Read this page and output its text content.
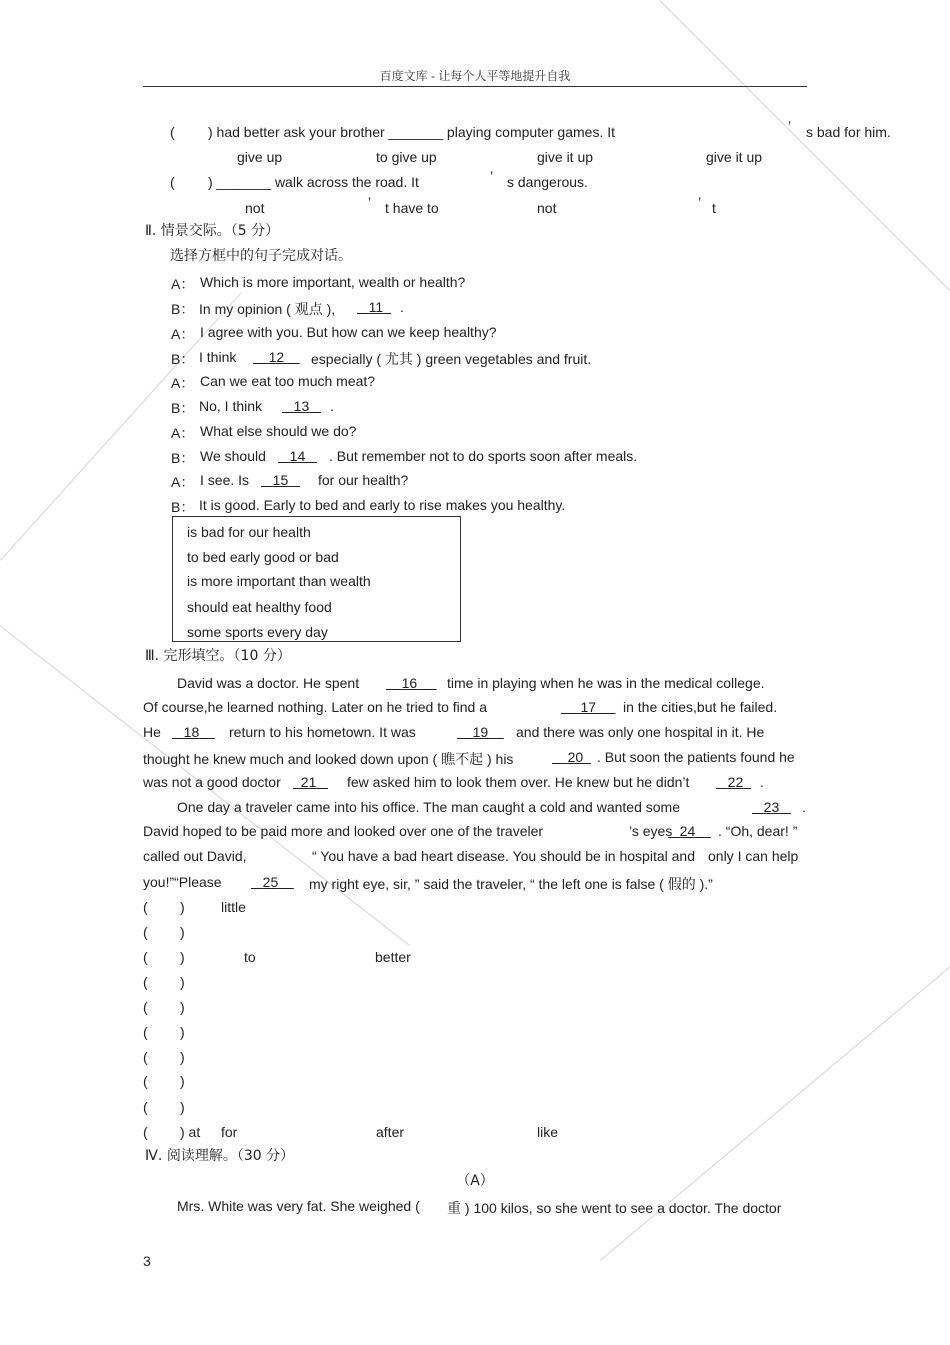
百度文库 - 让每个人平等地提升自我
( ) had better ask your brother _______ playing computer games. It	’ s bad for him.
give up	to give up	give it up	give it up
( ) _______ walk across the road. It	’ s dangerous.
not	’ t have to	not	’ t
Ⅱ. 情景交际。（5 分）
选择方框中的句子完成对话。
A： Which is more important, wealth or health?
B： In my opinion ( 观点 ),	11	.
A： I agree with you. But how can we keep healthy?
B： I think	12	especially ( 尤其 ) green vegetables and fruit.
A： Can we eat too much meat?
B： No, I think	13	.
A： What else should we do?
B： We should	14	. But remember not to do sports soon after meals.
A： I see. Is	15	for our health?
B： It is good. Early to bed and early to rise makes you healthy.
is bad for our health
to bed early good or bad
is more important than wealth
should eat healthy food
some sports every day
Ⅲ. 完形填空。（10 分）
David was a doctor. He spent	16	time in playing when he was in the medical college.
Of course,he learned nothing. Later on he tried to find a	17	in the cities,but he failed.
He	18	return to his hometown. It was	19	and there was only one hospital in it. He
thought he knew much and looked down upon ( 瞧不起 ) his	20 . But soon the patients found he
was not a good doctor	21	few asked him to look them over. He knew but he didn’t	22	.
One day a traveler came into his office. The man caught a cold and wanted some	23	.
David hoped to be paid more and looked over one of the traveler	’s eyes 24	. “Oh, dear! ”
called out David,	“ You have a bad heart disease. You should be in hospital and only I can help
you!”“Please	25	my right eye, sir, ” said the traveler, “ the left one is false ( 假的 ).”
( )	little
( )
( )	to	better
( )
( )
( )
( )
( )
( )
( ) at for	after	like
Ⅳ. 阅读理解。（30 分）
（A）
Mrs. White was very fat. She weighed ( 重 ) 100 kilos, so she went to see a doctor. The doctor
3
